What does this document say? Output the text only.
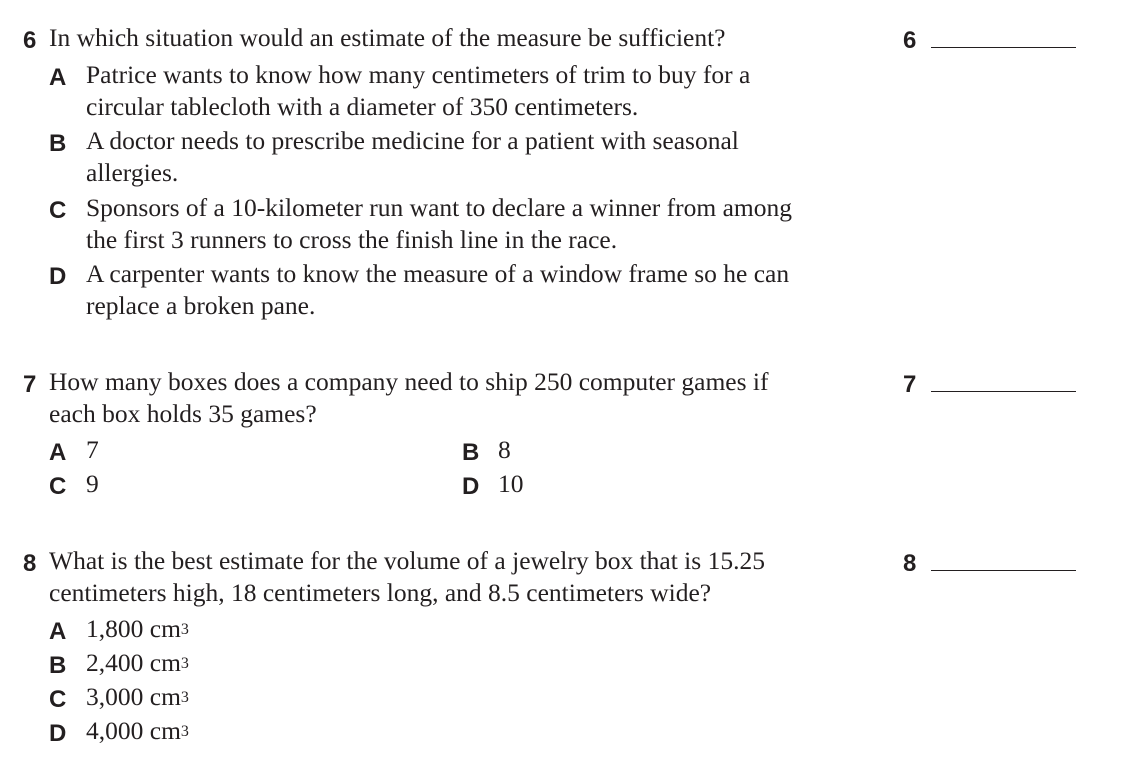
6 In which situation would an estimate of the measure be sufficient?	6
A Patrice wants to know how many centimeters of trim to buy for a
circular tablecloth with a diameter of 350 centimeters.
B A doctor needs to prescribe medicine for a patient with seasonal
allergies.
C Sponsors of a 10-kilometer run want to declare a winner from among
the first 3 runners to cross the finish line in the race.
D A carpenter wants to know the measure of a window frame so he can
replace a broken pane.
7 How many boxes does a company need to ship 250 computer games if
each box holds 35 games?
7
A 7	B 8
C 9	D 10
8 What is the best estimate for the volume of a jewelry box that is 15.25
centimeters high, 18 centimeters long, and 8.5 centimeters wide?
8
A 1,800 $cm^3$
B 2,400 $cm^3$
C 3,000 $cm^3$
D 4,000 $cm^3$
